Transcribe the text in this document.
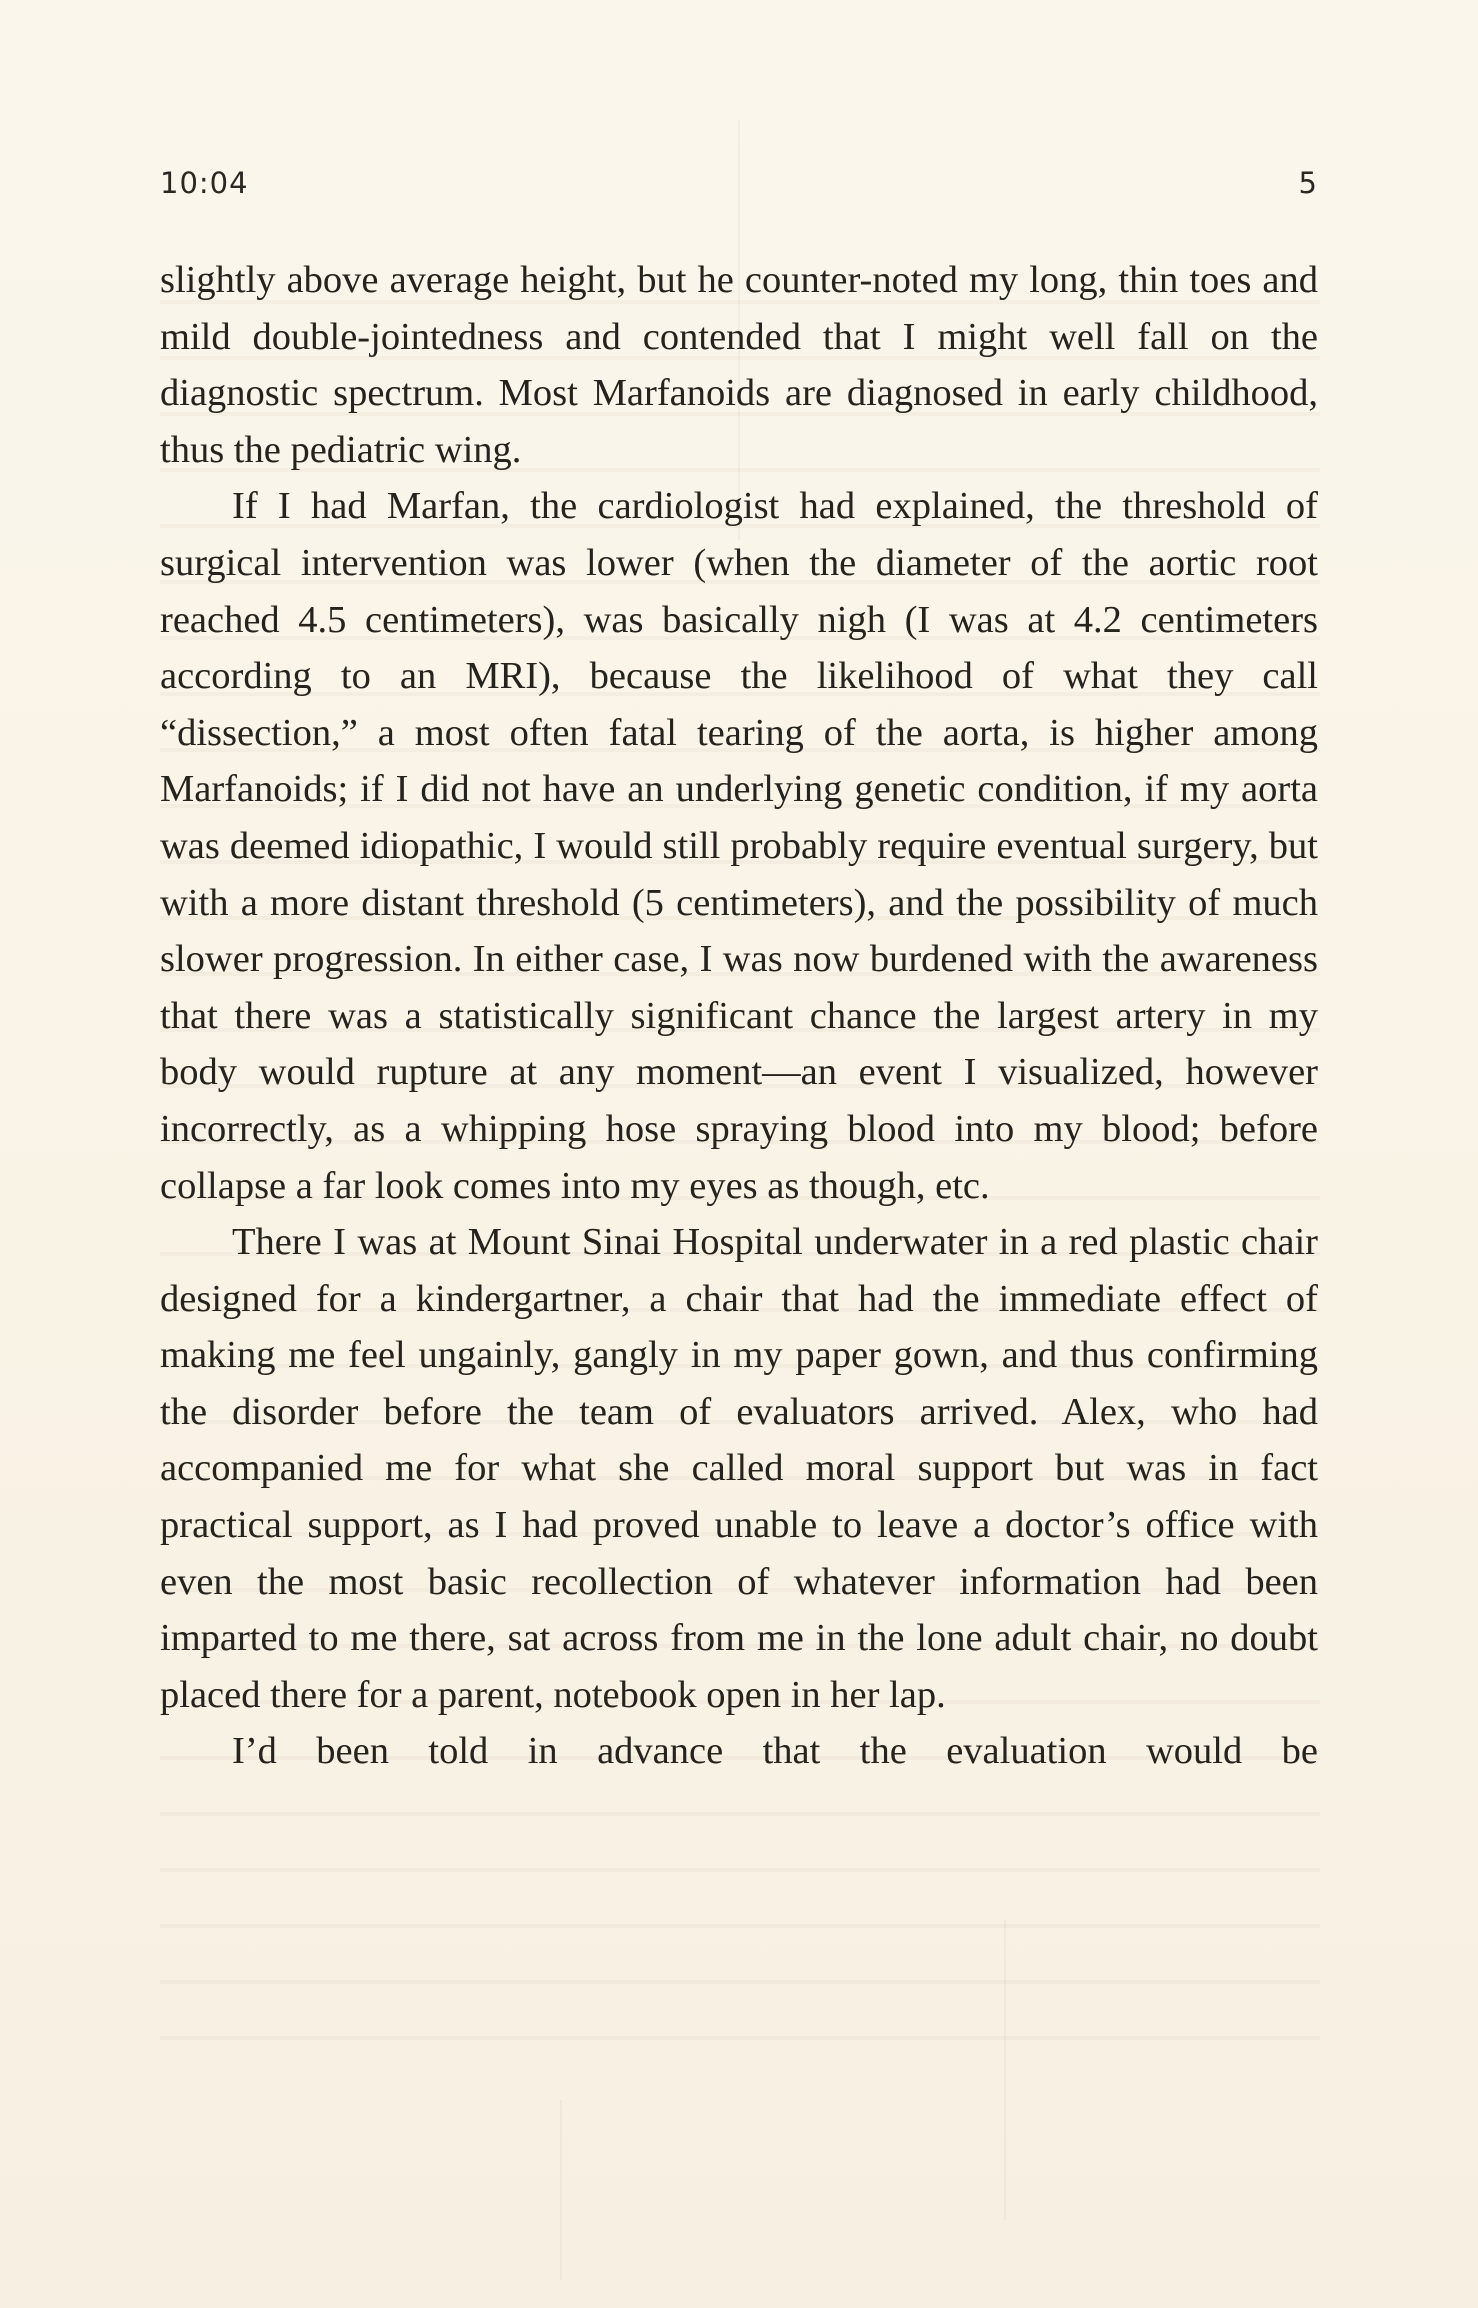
10:04	5

slightly above average height, but he counter-noted my long, thin toes and mild double-jointedness and contended that I might well fall on the diagnostic spectrum. Most Marfanoids are diagnosed in early childhood, thus the pediatric wing.

If I had Marfan, the cardiologist had explained, the threshold of surgical intervention was lower (when the diameter of the aortic root reached 4.5 centimeters), was basically nigh (I was at 4.2 centimeters according to an MRI), because the likelihood of what they call “dissection,” a most often fatal tearing of the aorta, is higher among Marfanoids; if I did not have an underlying genetic condition, if my aorta was deemed idiopathic, I would still probably require eventual surgery, but with a more distant threshold (5 centimeters), and the possibility of much slower progression. In either case, I was now burdened with the awareness that there was a statistically significant chance the largest artery in my body would rupture at any moment—an event I visualized, however incorrectly, as a whipping hose spraying blood into my blood; before collapse a far look comes into my eyes as though, etc.

There I was at Mount Sinai Hospital underwater in a red plastic chair designed for a kindergartner, a chair that had the immediate effect of making me feel ungainly, gangly in my paper gown, and thus confirming the disorder before the team of evaluators arrived. Alex, who had accompanied me for what she called moral support but was in fact practical support, as I had proved unable to leave a doctor’s office with even the most basic recollection of whatever information had been imparted to me there, sat across from me in the lone adult chair, no doubt placed there for a parent, notebook open in her lap.

I’d been told in advance that the evaluation would be
